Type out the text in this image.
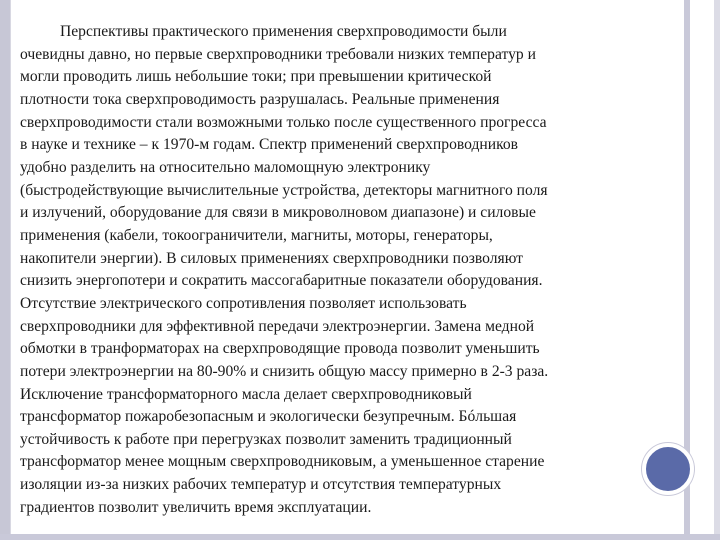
Перспективы практического применения сверхпроводимости были
очевидны давно, но первые сверхпроводники требовали низких температур и
могли проводить лишь небольшие токи; при превышении критической
плотности тока сверхпроводимость разрушалась. Реальные применения
сверхпроводимости стали возможными только после существенного прогресса
в науке и технике – к 1970-м годам. Спектр применений сверхпроводников
удобно разделить на относительно маломощную электронику
(быстродействующие вычислительные устройства, детекторы магнитного поля
и излучений, оборудование для связи в микроволновом диапазоне) и силовые
применения (кабели, токоограничители, магниты, моторы, генераторы,
накопители энергии). В силовых применениях сверхпроводники позволяют
снизить энергопотери и сократить массогабаритные показатели оборудования.
Отсутствие электрического сопротивления позволяет использовать
сверхпроводники для эффективной передачи электроэнергии. Замена медной
обмотки в транформаторах на сверхпроводящие провода позволит уменьшить
потери электроэнергии на 80-90% и снизить общую массу примерно в 2-3 раза.
Исключение трансформаторного масла делает сверхпроводниковый
трансформатор пожаробезопасным и экологически безупречным. Бóльшая
устойчивость к работе при перегрузках позволит заменить традиционный
трансформатор менее мощным сверхпроводниковым, а уменьшенное старение
изоляции из-за низких рабочих температур и отсутствия температурных
градиентов позволит увеличить время эксплуатации.
